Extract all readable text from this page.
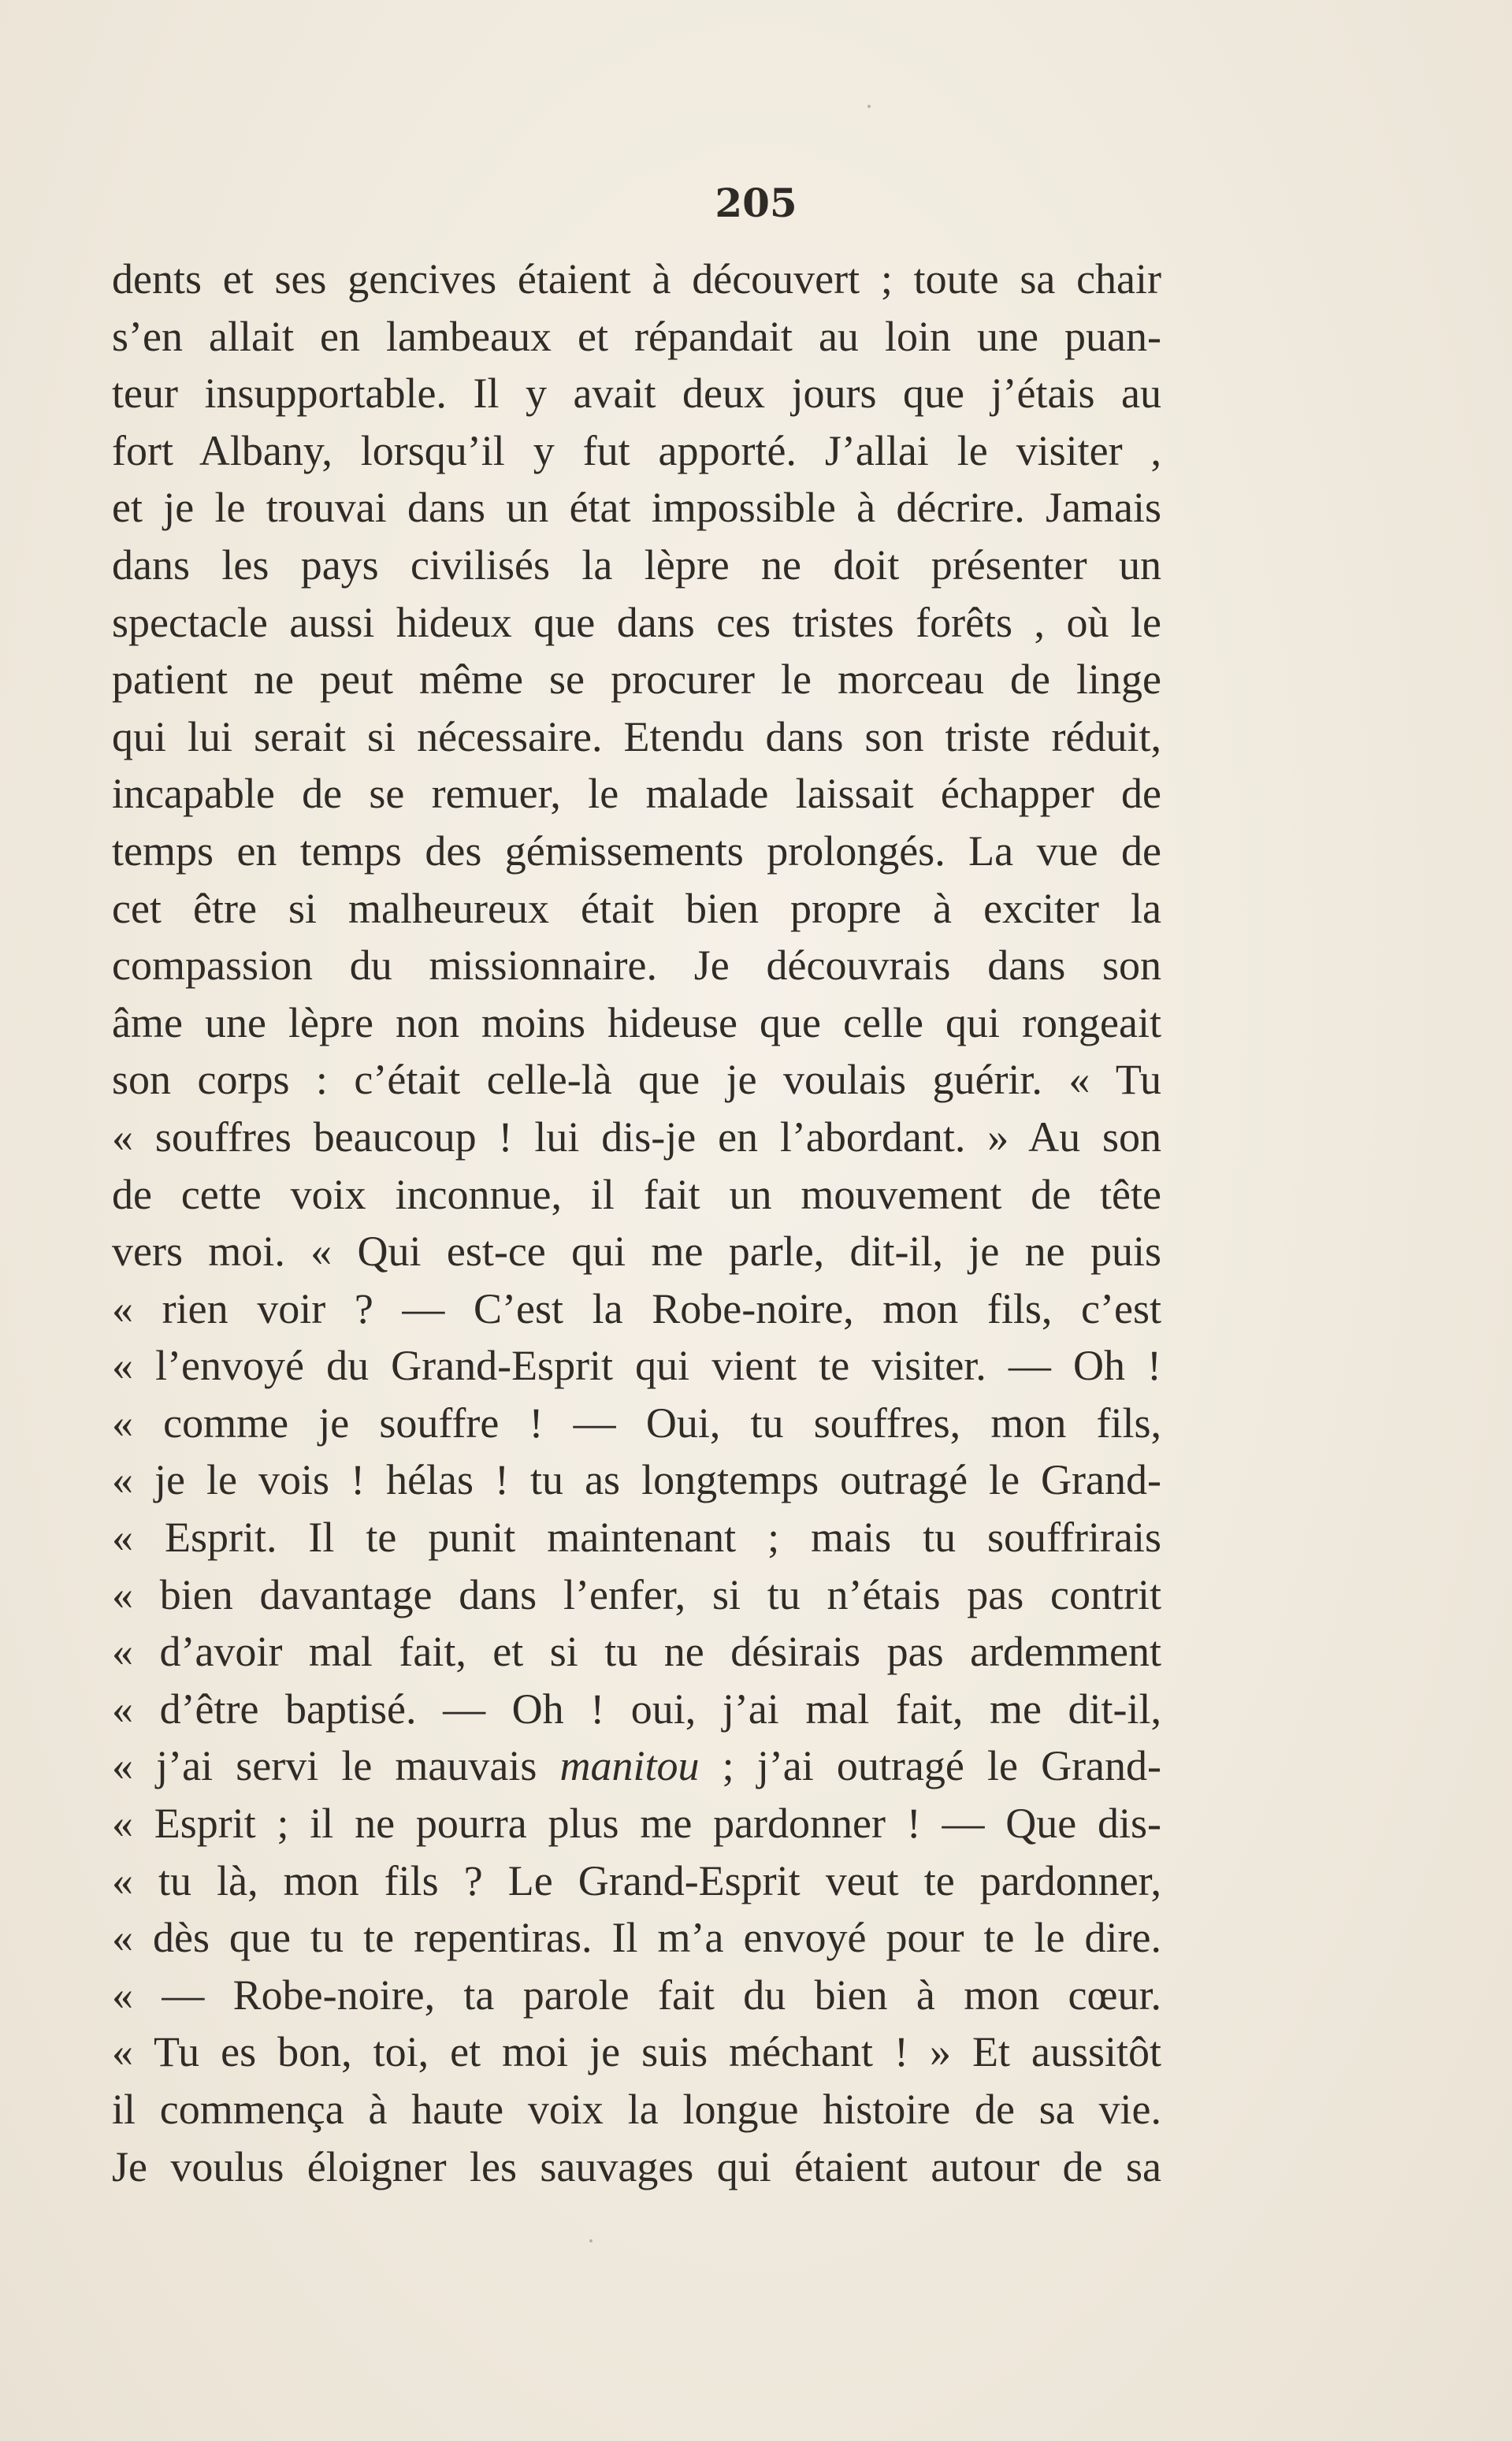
205
dents et ses gencives étaient à découvert ; toute sa chair
s’en allait en lambeaux et répandait au loin une puan-
teur insupportable. Il y avait deux jours que j’étais au
fort Albany, lorsqu’il y fut apporté. J’allai le visiter ,
et je le trouvai dans un état impossible à décrire. Jamais
dans les pays civilisés la lèpre ne doit présenter un
spectacle aussi hideux que dans ces tristes forêts , où le
patient ne peut même se procurer le morceau de linge
qui lui serait si nécessaire. Etendu dans son triste réduit,
incapable de se remuer, le malade laissait échapper de
temps en temps des gémissements prolongés. La vue de
cet être si malheureux était bien propre à exciter la
compassion du missionnaire. Je découvrais dans son
âme une lèpre non moins hideuse que celle qui rongeait
son corps : c’était celle-là que je voulais guérir. « Tu
« souffres beaucoup ! lui dis-je en l’abordant. » Au son
de cette voix inconnue, il fait un mouvement de tête
vers moi. « Qui est-ce qui me parle, dit-il, je ne puis
« rien voir ? — C’est la Robe-noire, mon fils, c’est
« l’envoyé du Grand-Esprit qui vient te visiter. — Oh !
« comme je souffre ! — Oui, tu souffres, mon fils,
« je le vois ! hélas ! tu as longtemps outragé le Grand-
« Esprit. Il te punit maintenant ; mais tu souffrirais
« bien davantage dans l’enfer, si tu n’étais pas contrit
« d’avoir mal fait, et si tu ne désirais pas ardemment
« d’être baptisé. — Oh ! oui, j’ai mal fait, me dit-il,
« j’ai servi le mauvais manitou ; j’ai outragé le Grand-
« Esprit ; il ne pourra plus me pardonner ! — Que dis-
« tu là, mon fils ? Le Grand-Esprit veut te pardonner,
« dès que tu te repentiras. Il m’a envoyé pour te le dire.
« — Robe-noire, ta parole fait du bien à mon cœur.
« Tu es bon, toi, et moi je suis méchant ! » Et aussitôt
il commença à haute voix la longue histoire de sa vie.
Je voulus éloigner les sauvages qui étaient autour de sa
